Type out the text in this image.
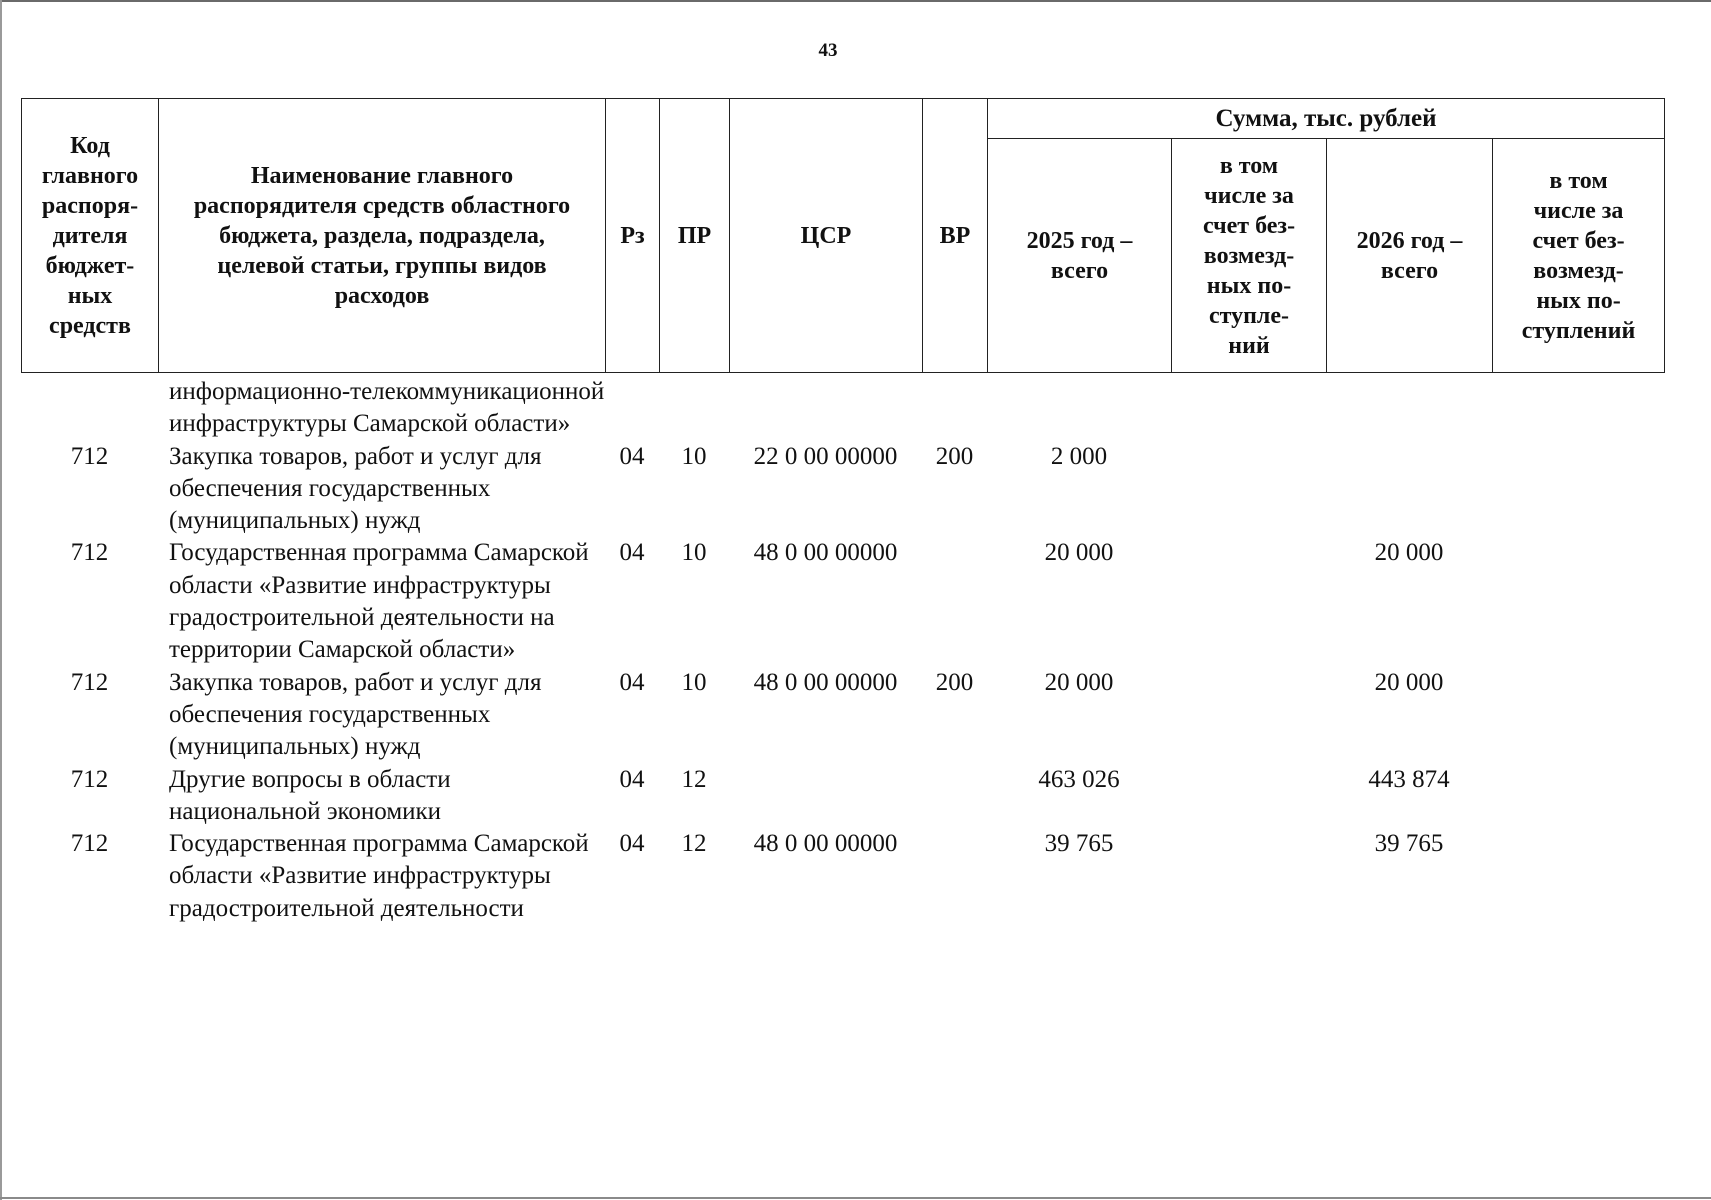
43
Код главного распоря-дителя бюджет-ных средств	Наименование главного распорядителя средств областного бюджета, раздела, подраздела, целевой статьи, группы видов расходов	Рз	ПР	ЦСР	ВР	Сумма, тыс. рублей			
						2025 год – всего	в том числе за счет без-возмезд-ных по-ступле-ний	2026 год – всего	в том числе за счет без-возмезд-ных по-ступлений
	информационно-телекоммуникационной инфраструктуры Самарской области»								
712	Закупка товаров, работ и услуг для обеспечения государственных (муниципальных) нужд	04	10	22 0 00 00000	200	2 000			
712	Государственная программа Самарской области «Развитие инфраструктуры градостроительной деятельности на территории Самарской области»	04	10	48 0 00 00000		20 000		20 000	
712	Закупка товаров, работ и услуг для обеспечения государственных (муниципальных) нужд	04	10	48 0 00 00000	200	20 000		20 000	
712	Другие вопросы в области национальной экономики	04	12			463 026		443 874	
712	Государственная программа Самарской области «Развитие инфраструктуры градостроительной деятельности	04	12	48 0 00 00000		39 765		39 765	
